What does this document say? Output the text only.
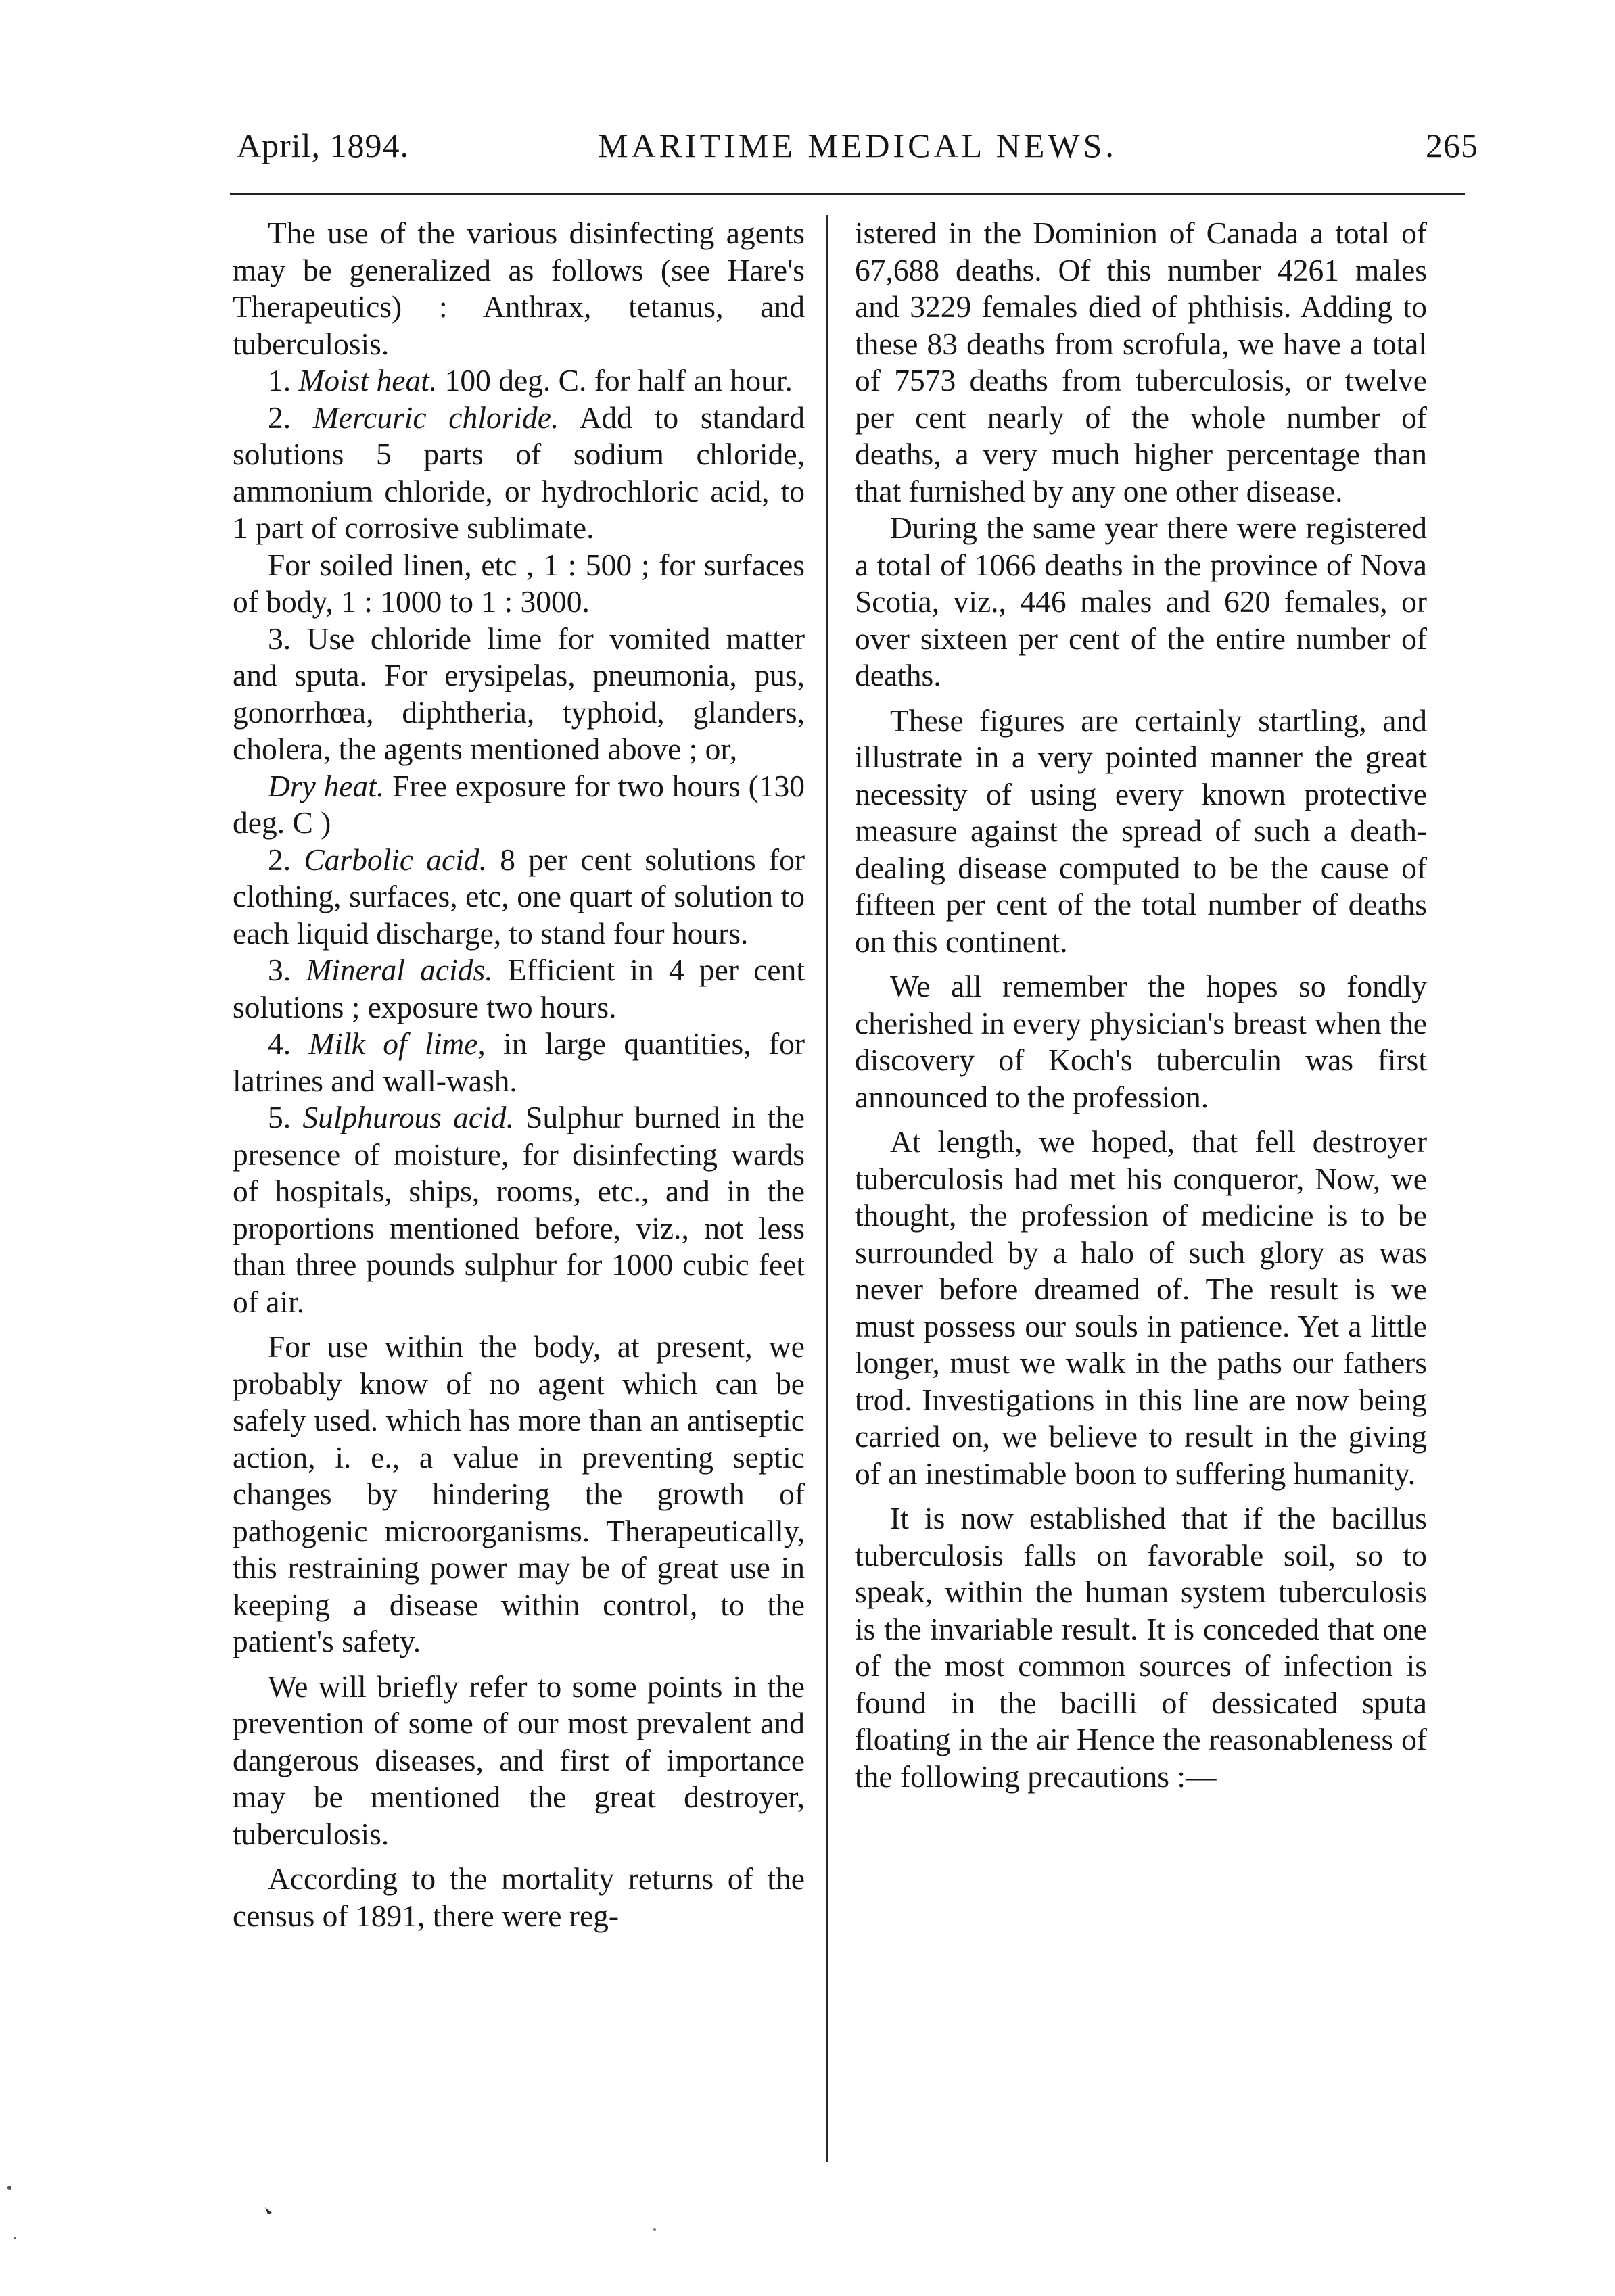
April, 1894.	MARITIME MEDICAL NEWS.	265

The use of the various disinfecting agents may be generalized as follows (see Hare's Therapeutics) : Anthrax, tetanus, and tuberculosis.

1. Moist heat. 100 deg. C. for half an hour.

2. Mercuric chloride. Add to standard solutions 5 parts of sodium chloride, ammonium chloride, or hydrochloric acid, to 1 part of corrosive sublimate.

For soiled linen, etc , 1 : 500 ; for surfaces of body, 1 : 1000 to 1 : 3000.

3. Use chloride lime for vomited matter and sputa. For erysipelas, pneumonia, pus, gonorrhœa, diphtheria, typhoid, glanders, cholera, the agents mentioned above ; or,

Dry heat. Free exposure for two hours (130 deg. C )

2. Carbolic acid. 8 per cent solutions for clothing, surfaces, etc, one quart of solution to each liquid discharge, to stand four hours.

3. Mineral acids. Efficient in 4 per cent solutions ; exposure two hours.

4. Milk of lime, in large quantities, for latrines and wall-wash.

5. Sulphurous acid. Sulphur burned in the presence of moisture, for disinfecting wards of hospitals, ships, rooms, etc., and in the proportions mentioned before, viz., not less than three pounds sulphur for 1000 cubic feet of air.

For use within the body, at present, we probably know of no agent which can be safely used. which has more than an antiseptic action, i. e., a value in preventing septic changes by hindering the growth of pathogenic microorganisms. Therapeutically, this restraining power may be of great use in keeping a disease within control, to the patient's safety.

We will briefly refer to some points in the prevention of some of our most prevalent and dangerous diseases, and first of importance may be mentioned the great destroyer, tuberculosis.

According to the mortality returns of the census of 1891, there were reg-

istered in the Dominion of Canada a total of 67,688 deaths. Of this number 4261 males and 3229 females died of phthisis. Adding to these 83 deaths from scrofula, we have a total of 7573 deaths from tuberculosis, or twelve per cent nearly of the whole number of deaths, a very much higher percentage than that furnished by any one other disease.

During the same year there were registered a total of 1066 deaths in the province of Nova Scotia, viz., 446 males and 620 females, or over sixteen per cent of the entire number of deaths.

These figures are certainly startling, and illustrate in a very pointed manner the great necessity of using every known protective measure against the spread of such a death-dealing disease computed to be the cause of fifteen per cent of the total number of deaths on this continent.

We all remember the hopes so fondly cherished in every physician's breast when the discovery of Koch's tuberculin was first announced to the profession.

At length, we hoped, that fell destroyer tuberculosis had met his conqueror, Now, we thought, the profession of medicine is to be surrounded by a halo of such glory as was never before dreamed of. The result is we must possess our souls in patience. Yet a little longer, must we walk in the paths our fathers trod. Investigations in this line are now being carried on, we believe to result in the giving of an inestimable boon to suffering humanity.

It is now established that if the bacillus tuberculosis falls on favorable soil, so to speak, within the human system tuberculosis is the invariable result. It is conceded that one of the most common sources of infection is found in the bacilli of dessicated sputa floating in the air Hence the reasonableness of the following precautions :—
